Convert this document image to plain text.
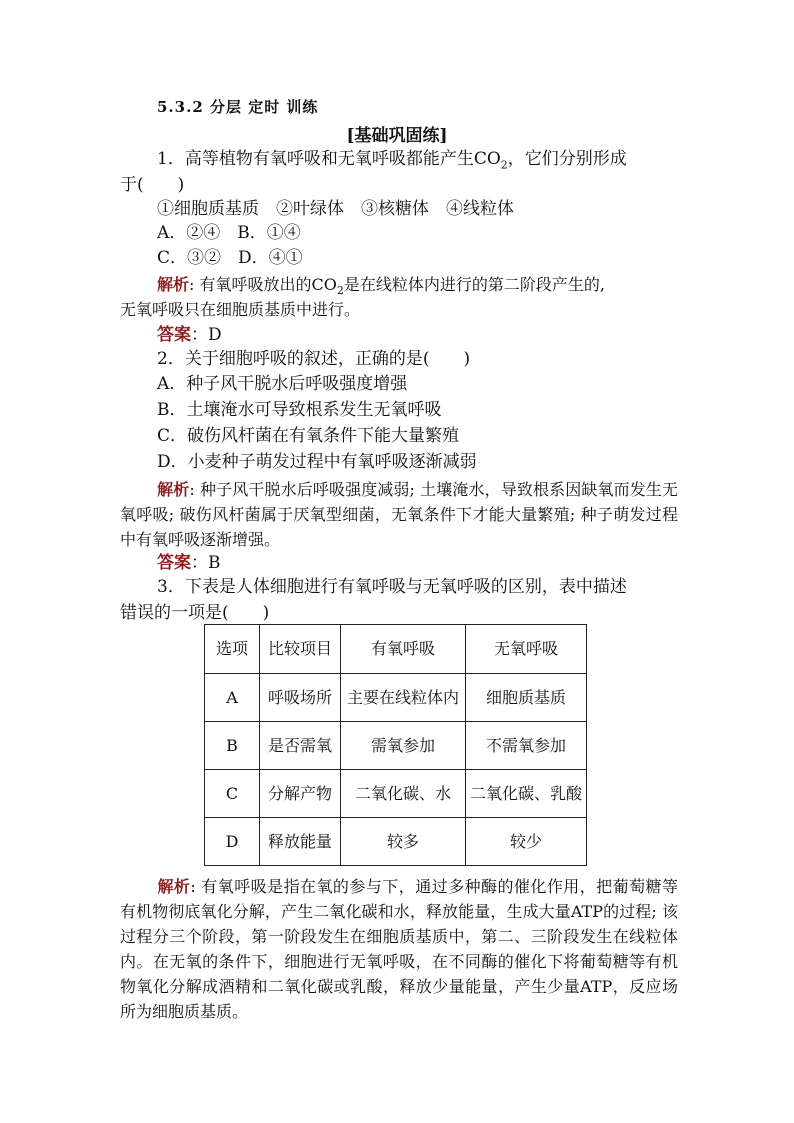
5.3.2 分层 定时 训练
[基础巩固练]
1．高等植物有氧呼吸和无氧呼吸都能产生$CO_2$，它们分别形成
于(　　)
①细胞质基质　②叶绿体　③核糖体　④线粒体
A．②④　B．①④
C．③②　D．④①
解析: 有氧呼吸放出的$CO_2$是在线粒体内进行的第二阶段产生的,
无氧呼吸只在细胞质基质中进行。
答案：D
2．关于细胞呼吸的叙述，正确的是(　　)
A．种子风干脱水后呼吸强度增强
B．土壤淹水可导致根系发生无氧呼吸
C．破伤风杆菌在有氧条件下能大量繁殖
D．小麦种子萌发过程中有氧呼吸逐渐减弱
解析: 种子风干脱水后呼吸强度减弱; 土壤淹水，导致根系因缺氧而发生无氧呼吸; 破伤风杆菌属于厌氧型细菌，无氧条件下才能大量繁殖; 种子萌发过程中有氧呼吸逐渐增强。
答案：B
3．下表是人体细胞进行有氧呼吸与无氧呼吸的区别，表中描述
错误的一项是(　　)
选项	比较项目	有氧呼吸	无氧呼吸
A	呼吸场所	主要在线粒体内	细胞质基质
B	是否需氧	需氧参加	不需氧参加
C	分解产物	二氧化碳、水	二氧化碳、乳酸
D	释放能量	较多	较少
解析: 有氧呼吸是指在氧的参与下，通过多种酶的催化作用，把葡萄糖等有机物彻底氧化分解，产生二氧化碳和水，释放能量，生成大量ATP的过程; 该过程分三个阶段，第一阶段发生在细胞质基质中，第二、三阶段发生在线粒体内。在无氧的条件下，细胞进行无氧呼吸，在不同酶的催化下将葡萄糖等有机物氧化分解成酒精和二氧化碳或乳酸，释放少量能量，产生少量ATP，反应场所为细胞质基质。
